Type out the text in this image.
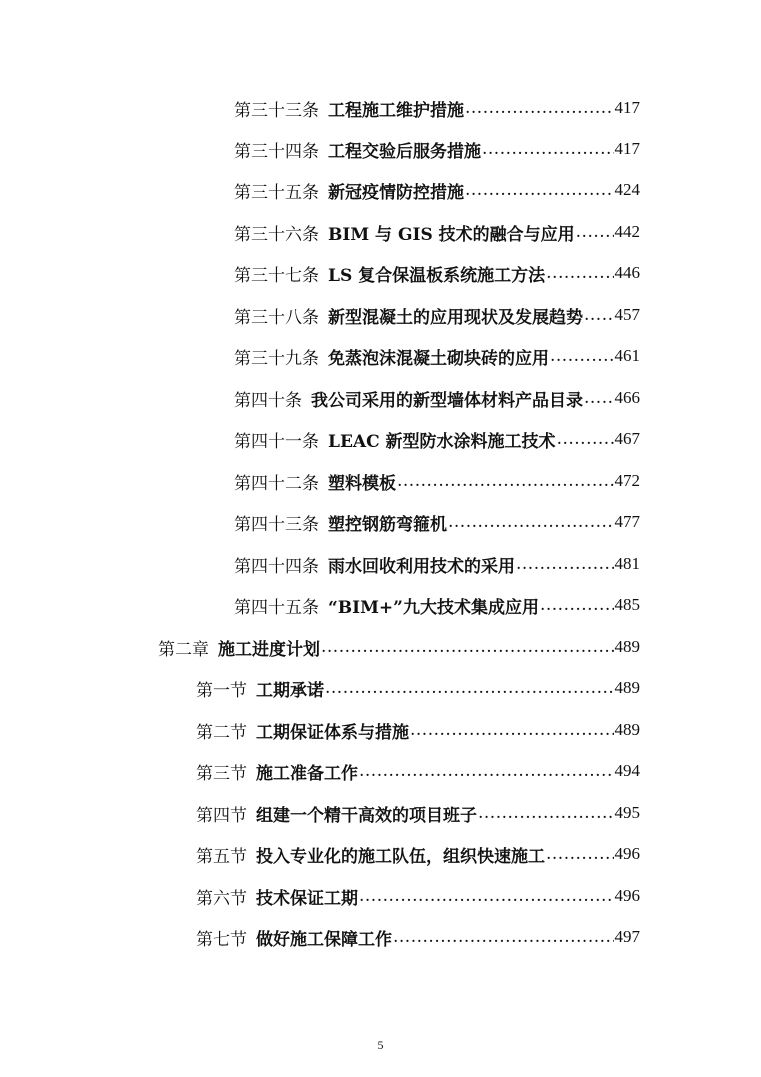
第三十三条 工程施工维护措施 .....	417
第三十四条 工程交验后服务措施 .....	417
第三十五条 新冠疫情防控措施 .....	424
第三十六条 BIM 与 GIS 技术的融合与应用 ..... 442
第三十七条 LS 复合保温板系统施工方法 .....	446
第三十八条 新型混凝土的应用现状及发展趋势 ..... 457
第三十九条 免蒸泡沫混凝土砌块砖的应用 .....	461
第四十条 我公司采用的新型墙体材料产品目录 ..... 466
第四十一条 LEAC 新型防水涂料施工技术 .....	467
第四十二条 塑料模板 .....	472
第四十三条 塑控钢筋弯箍机 .....	477
第四十四条 雨水回收利用技术的采用 .....	481
第四十五条 “BIM+”九大技术集成应用 .....	485
第二章 施工进度计划 .....	489
第一节 工期承诺 .....	489
第二节 工期保证体系与措施 .....	489
第三节 施工准备工作 .....	494
第四节 组建一个精干高效的项目班子 .....	495
第五节 投入专业化的施工队伍，组织快速施工 .....	496
第六节 技术保证工期 .....	496
第七节 做好施工保障工作 .....	497
5
